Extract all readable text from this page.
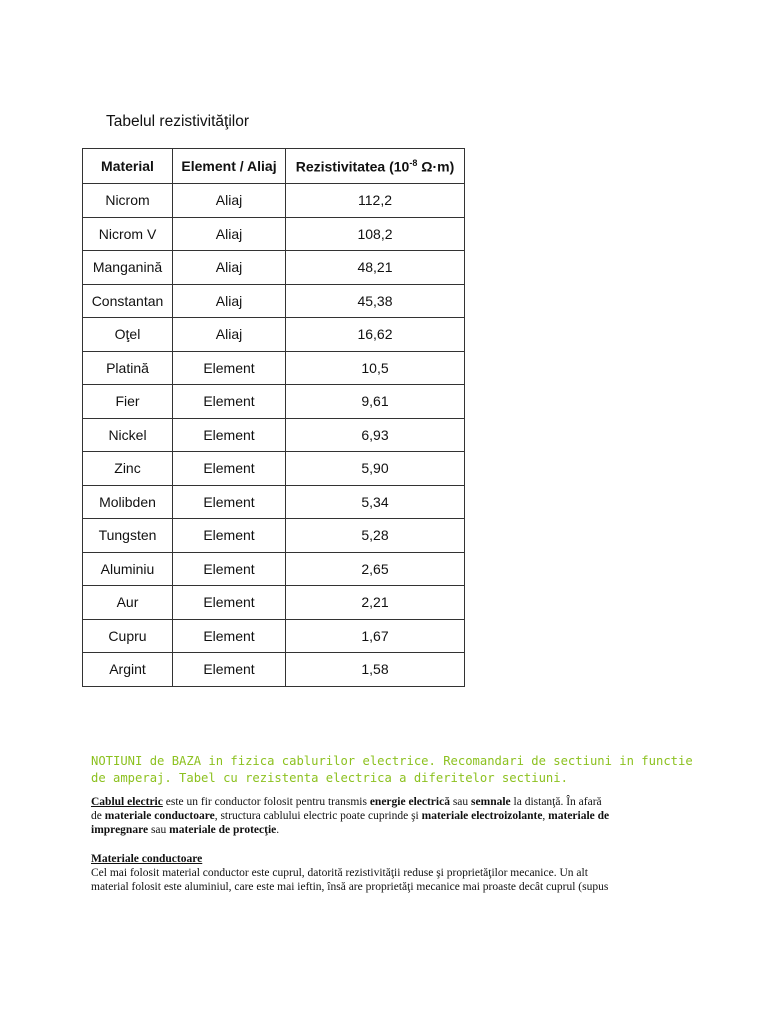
Tabelul rezistivităţilor
Material	Element / Aliaj	Rezistivitatea ($10^{-8}$ Ω·m)
Nicrom	Aliaj	112,2
Nicrom V	Aliaj	108,2
Manganină	Aliaj	48,21
Constantan	Aliaj	45,38
Oţel	Aliaj	16,62
Platină	Element	10,5
Fier	Element	9,61
Nickel	Element	6,93
Zinc	Element	5,90
Molibden	Element	5,34
Tungsten	Element	5,28
Aluminiu	Element	2,65
Aur	Element	2,21
Cupru	Element	1,67
Argint	Element	1,58
NOTIUNI de BAZA in fizica cablurilor electrice. Recomandari de sectiuni in functie
de amperaj. Tabel cu rezistenta electrica a diferitelor sectiuni.
Cablul electric este un fir conductor folosit pentru transmis energie electrică sau semnale la distanţă. În afară
de materiale conductoare, structura cablului electric poate cuprinde şi materiale electroizolante, materiale de
impregnare sau materiale de protecţie.
Materiale conductoare
Cel mai folosit material conductor este cuprul, datorită rezistivităţii reduse şi proprietăţilor mecanice. Un alt
material folosit este aluminiul, care este mai ieftin, însă are proprietăţi mecanice mai proaste decât cuprul (supus
